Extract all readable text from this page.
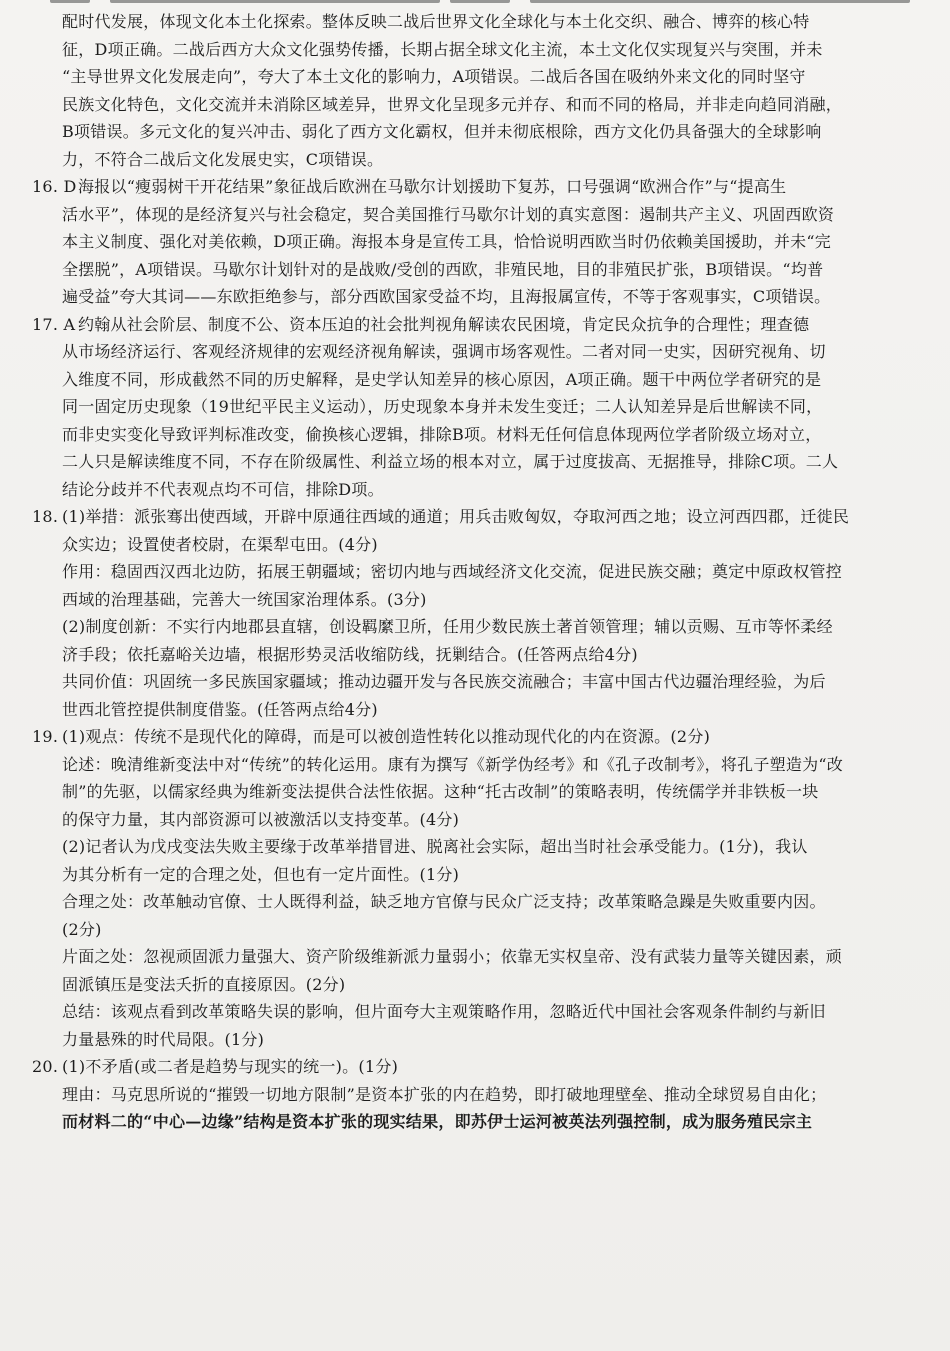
配时代发展，体现文化本土化探索。整体反映二战后世界文化全球化与本土化交织、融合、博弈的核心特
征，D项正确。二战后西方大众文化强势传播，长期占据全球文化主流，本土文化仅实现复兴与突围，并未
“主导世界文化发展走向”，夸大了本土文化的影响力，A项错误。二战后各国在吸纳外来文化的同时坚守
民族文化特色，文化交流并未消除区域差异，世界文化呈现多元并存、和而不同的格局，并非走向趋同消融，
B项错误。多元文化的复兴冲击、弱化了西方文化霸权，但并未彻底根除，西方文化仍具备强大的全球影响
力，不符合二战后文化发展史实，C项错误。
16. D海报以“瘦弱树干开花结果”象征战后欧洲在马歇尔计划援助下复苏，口号强调“欧洲合作”与“提高生
活水平”，体现的是经济复兴与社会稳定，契合美国推行马歇尔计划的真实意图：遏制共产主义、巩固西欧资
本主义制度、强化对美依赖，D项正确。海报本身是宣传工具，恰恰说明西欧当时仍依赖美国援助，并未“完
全摆脱”，A项错误。马歇尔计划针对的是战败/受创的西欧，非殖民地，目的非殖民扩张，B项错误。“均普
遍受益”夸大其词——东欧拒绝参与，部分西欧国家受益不均，且海报属宣传，不等于客观事实，C项错误。
17. A 约翰从社会阶层、制度不公、资本压迫的社会批判视角解读农民困境，肯定民众抗争的合理性；理查德
从市场经济运行、客观经济规律的宏观经济视角解读，强调市场客观性。二者对同一史实，因研究视角、切
入维度不同，形成截然不同的历史解释，是史学认知差异的核心原因，A项正确。题干中两位学者研究的是
同一固定历史现象（19世纪平民主义运动），历史现象本身并未发生变迁；二人认知差异是后世解读不同，
而非史实变化导致评判标准改变，偷换核心逻辑，排除B项。材料无任何信息体现两位学者阶级立场对立，
二人只是解读维度不同，不存在阶级属性、利益立场的根本对立，属于过度拔高、无据推导，排除C项。二人
结论分歧并不代表观点均不可信，排除D项。
18. (1)举措：派张骞出使西域，开辟中原通往西域的通道；用兵击败匈奴，夺取河西之地；设立河西四郡，迁徙民
众实边；设置使者校尉，在渠犁屯田。(4分)
作用：稳固西汉西北边防，拓展王朝疆域；密切内地与西域经济文化交流，促进民族交融；奠定中原政权管控
西域的治理基础，完善大一统国家治理体系。(3分)
(2)制度创新：不实行内地郡县直辖，创设羁縻卫所，任用少数民族土著首领管理；辅以贡赐、互市等怀柔经
济手段；依托嘉峪关边墙，根据形势灵活收缩防线，抚剿结合。(任答两点给4分)
共同价值：巩固统一多民族国家疆域；推动边疆开发与各民族交流融合；丰富中国古代边疆治理经验，为后
世西北管控提供制度借鉴。(任答两点给4分)
19. (1)观点：传统不是现代化的障碍，而是可以被创造性转化以推动现代化的内在资源。(2分)
论述：晚清维新变法中对“传统”的转化运用。康有为撰写《新学伪经考》和《孔子改制考》，将孔子塑造为“改
制”的先驱，以儒家经典为维新变法提供合法性依据。这种“托古改制”的策略表明，传统儒学并非铁板一块
的保守力量，其内部资源可以被激活以支持变革。(4分)
(2)记者认为戊戌变法失败主要缘于改革举措冒进、脱离社会实际，超出当时社会承受能力。(1分)，我认
为其分析有一定的合理之处，但也有一定片面性。(1分)
合理之处：改革触动官僚、士人既得利益，缺乏地方官僚与民众广泛支持；改革策略急躁是失败重要内因。
(2分)
片面之处：忽视顽固派力量强大、资产阶级维新派力量弱小；依靠无实权皇帝、没有武装力量等关键因素，顽
固派镇压是变法夭折的直接原因。(2分)
总结：该观点看到改革策略失误的影响，但片面夸大主观策略作用，忽略近代中国社会客观条件制约与新旧
力量悬殊的时代局限。(1分)
20. (1)不矛盾(或二者是趋势与现实的统一)。(1分)
理由：马克思所说的“摧毁一切地方限制”是资本扩张的内在趋势，即打破地理壁垒、推动全球贸易自由化；
而材料二的“中心—边缘”结构是资本扩张的现实结果，即苏伊士运河被英法列强控制，成为服务殖民宗主
